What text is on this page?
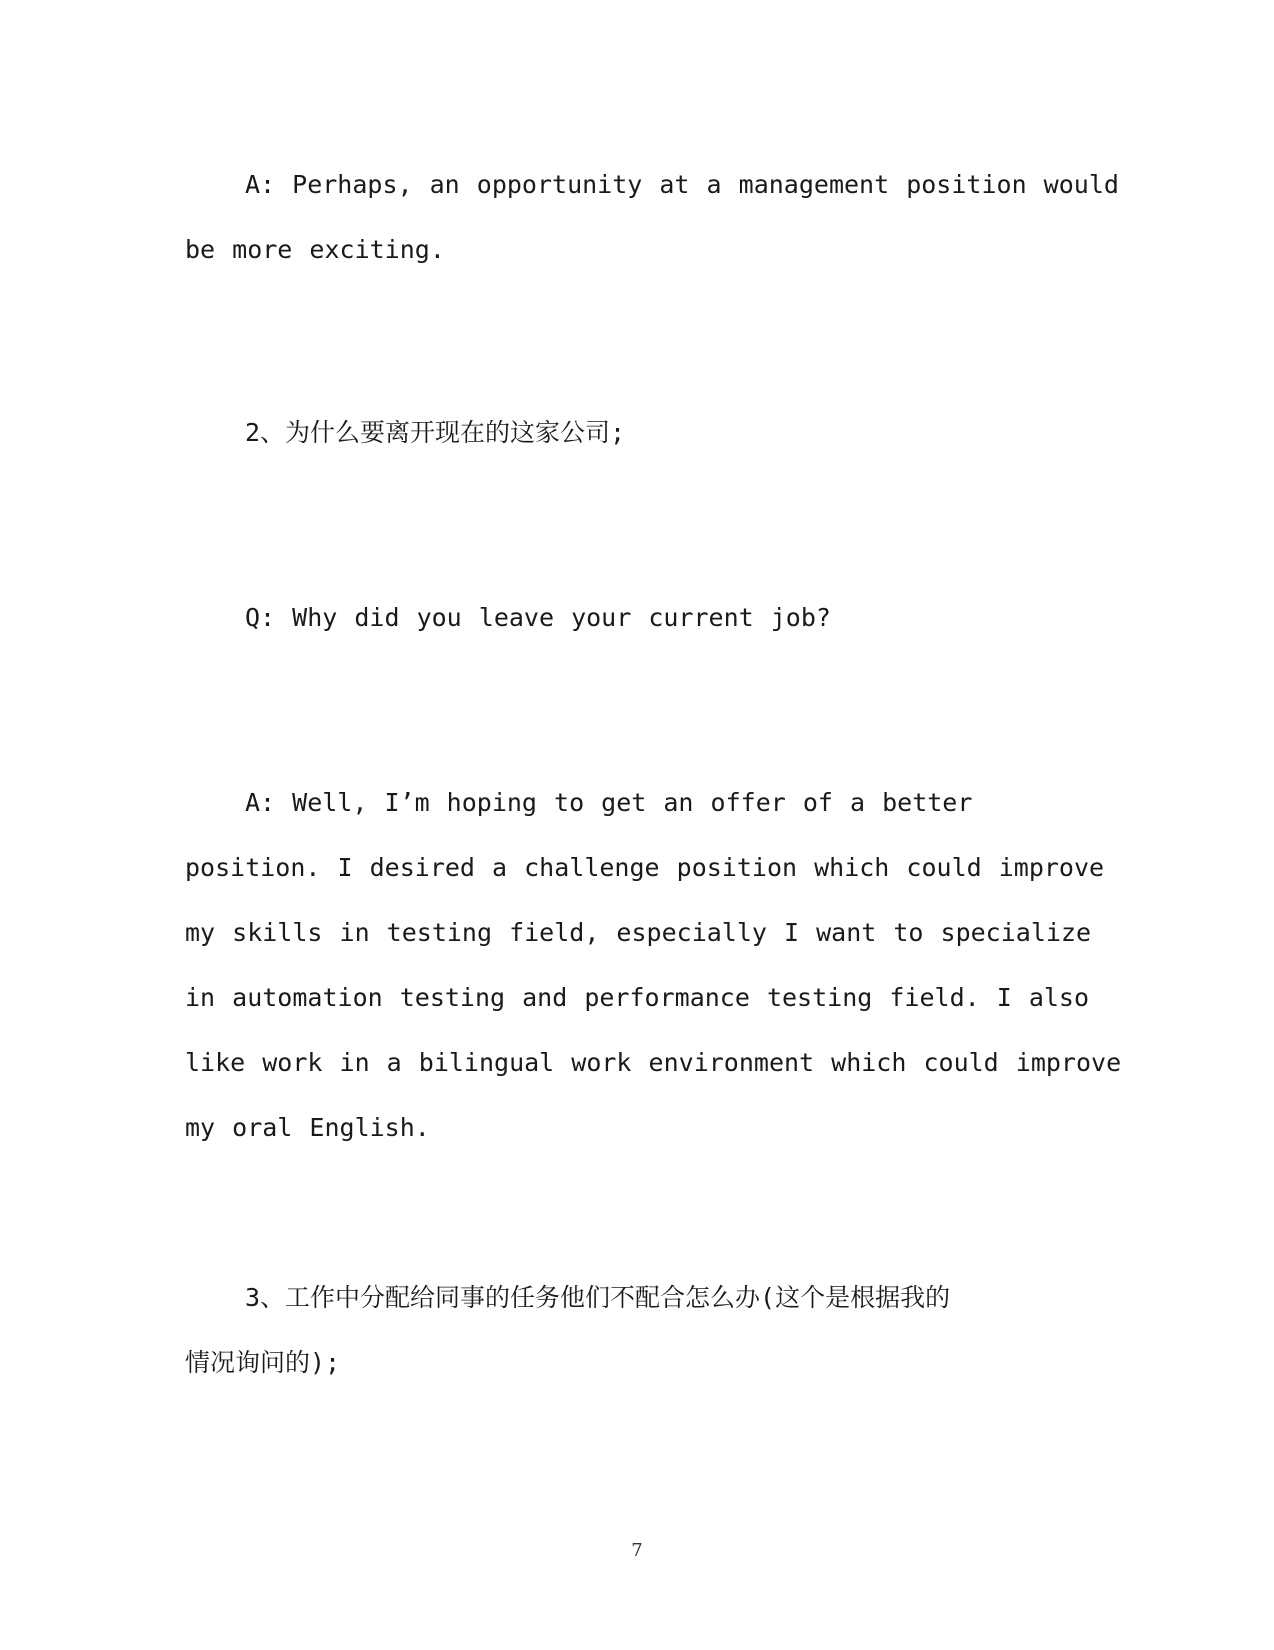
A: Perhaps, an opportunity at a management position would
be more exciting.
2、为什么要离开现在的这家公司;
Q: Why did you leave your current job?
A: Well, I’m hoping to get an offer of a better
position. I desired a challenge position which could improve
my skills in testing field, especially I want to specialize
in automation testing and performance testing field. I also
like work in a bilingual work environment which could improve
my oral English.
3、工作中分配给同事的任务他们不配合怎么办(这个是根据我的
情况询问的);
7
